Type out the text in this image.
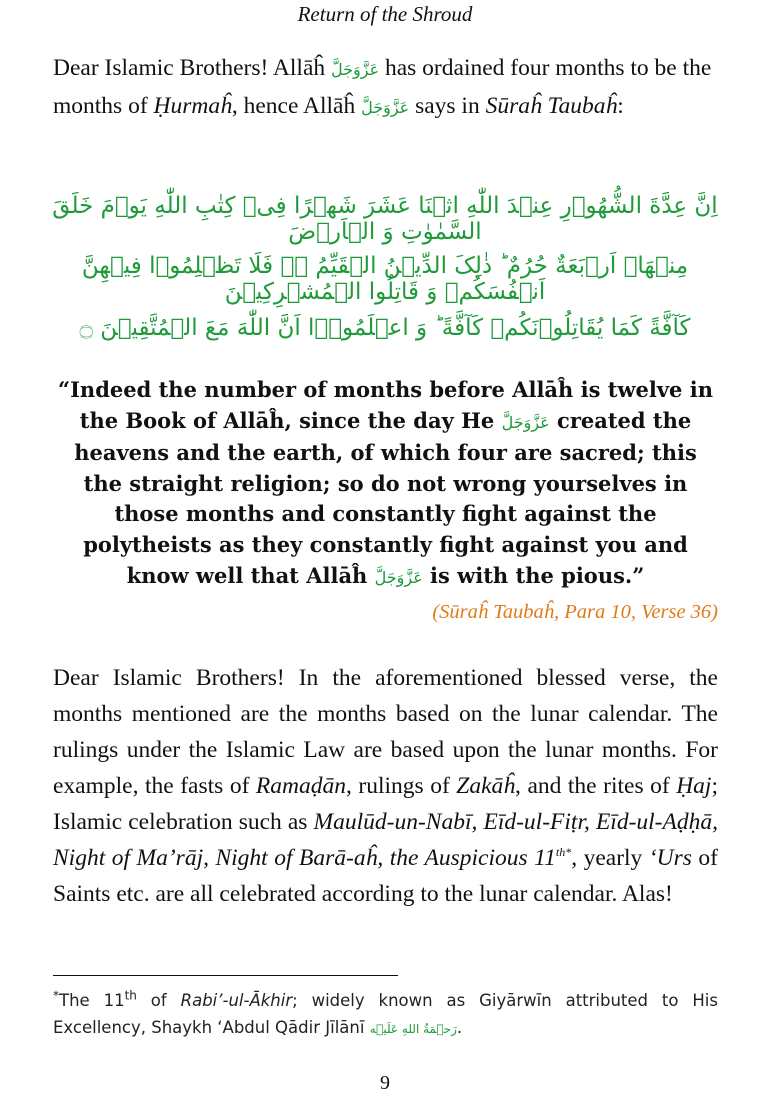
Return of the Shroud

Dear Islamic Brothers! Allāĥ عَزَّوَجَلَّ has ordained four months to be the months of Ḥurmaĥ, hence Allāĥ عَزَّوَجَلَّ says in Sūraĥ Taubaĥ:

اِنَّ عِدَّةَ الشُّهُوۡرِ عِنۡدَ اللّٰهِ اثۡنَا عَشَرَ شَهۡرًا فِیۡ کِتٰبِ اللّٰهِ یَوۡمَ خَلَقَ السَّمٰوٰتِ وَ الۡاَرۡضَ
مِنۡهَاۤ اَرۡبَعَةٌ حُرُمٌ ؕ ذٰلِکَ الدِّیۡنُ الۡقَیِّمُ ۬ۙ فَلَا تَظۡلِمُوۡا فِیۡهِنَّ اَنۡفُسَکُمۡ وَ قَاتِلُوا الۡمُشۡرِکِیۡنَ
کَآفَّةً کَمَا یُقَاتِلُوۡنَکُمۡ کَآفَّةً ؕ وَ اعۡلَمُوۡۤا اَنَّ اللّٰهَ مَعَ الۡمُتَّقِیۡنَ ۝

“Indeed the number of months before Allāĥ is twelve in the Book of Allāĥ, since the day He عَزَّوَجَلَّ created the heavens and the earth, of which four are sacred; this the straight religion; so do not wrong yourselves in those months and constantly fight against the polytheists as they constantly fight against you and know well that Allāĥ عَزَّوَجَلَّ is with the pious.”

(Sūraĥ Taubaĥ, Para 10, Verse 36)

Dear Islamic Brothers! In the aforementioned blessed verse, the months mentioned are the months based on the lunar calendar. The rulings under the Islamic Law are based upon the lunar months. For example, the fasts of Ramaḍān, rulings of Zakāĥ, and the rites of Ḥaj; Islamic celebration such as Maulūd-un-Nabī, Eīd-ul-Fiṭr, Eīd-ul-Aḍḥā, Night of Ma’rāj, Night of Barā-aĥ, the Auspicious $11^{th*}$, yearly ‘Urs of Saints etc. are all celebrated according to the lunar calendar. Alas!

*The 11th of Rabi’-ul-Ākhir; widely known as Giyārwīn attributed to His Excellency, Shaykh ‘Abdul Qādir Jīlānī رَحۡمَةُ اللهِ عَلَيۡه.

9
